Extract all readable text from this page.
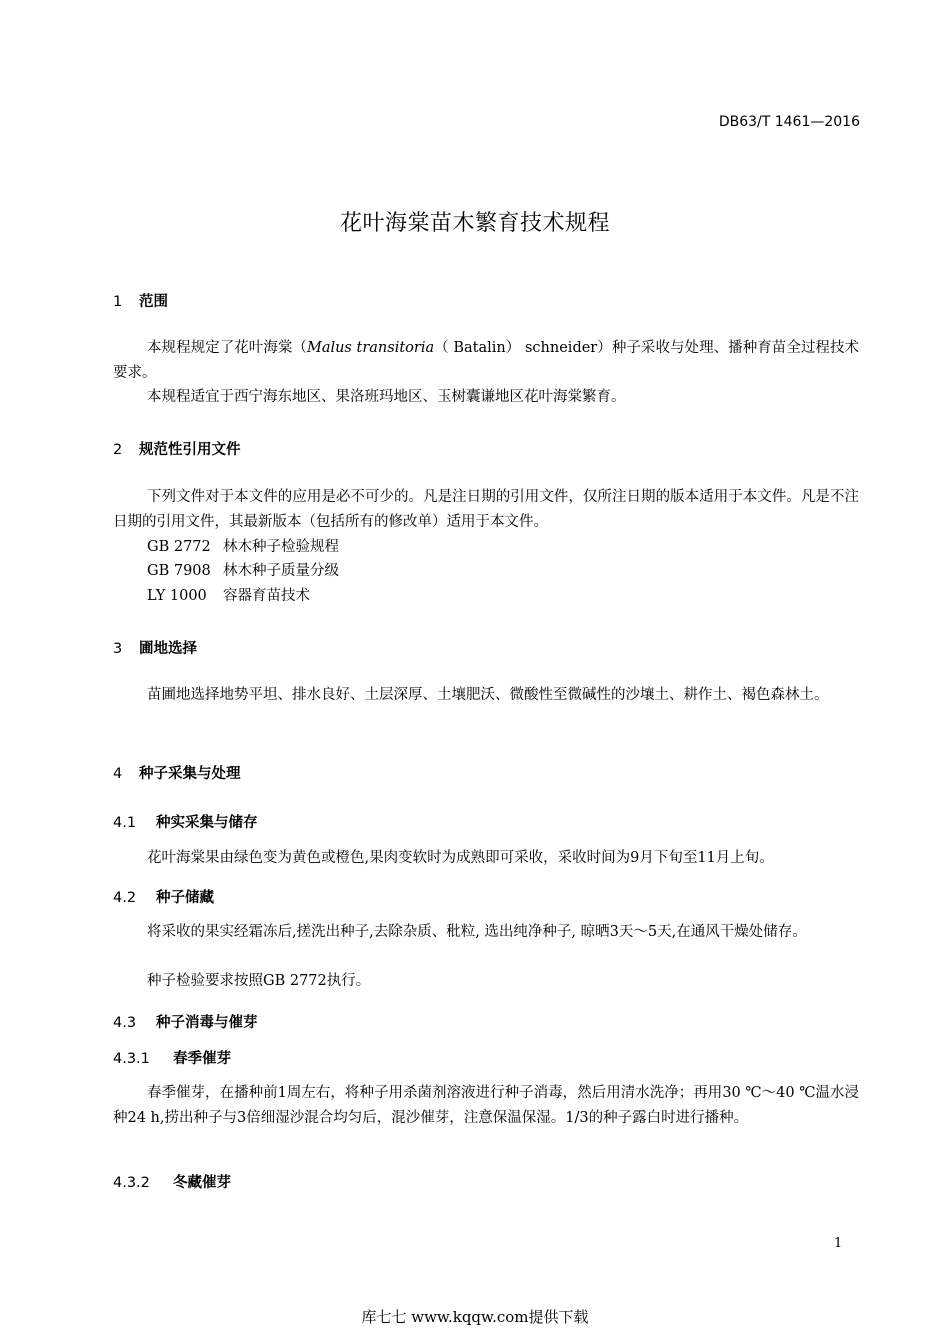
DB63/T 1461—2016
花叶海棠苗木繁育技术规程
1 范围
本规程规定了花叶海棠（Malus transitoria（ Batalin） schneider）种子采收与处理、播种育苗全过程技术要求。
本规程适宜于西宁海东地区、果洛班玛地区、玉树囊谦地区花叶海棠繁育。
2 规范性引用文件
下列文件对于本文件的应用是必不可少的。凡是注日期的引用文件，仅所注日期的版本适用于本文件。凡是不注日期的引用文件，其最新版本（包括所有的修改单）适用于本文件。
GB 2772 林木种子检验规程
GB 7908 林木种子质量分级
LY 1000 容器育苗技术
3 圃地选择
苗圃地选择地势平坦、排水良好、土层深厚、土壤肥沃、微酸性至微碱性的沙壤土、耕作土、褐色森林土。
4 种子采集与处理
4.1 种实采集与储存
花叶海棠果由绿色变为黄色或橙色,果肉变软时为成熟即可采收，采收时间为9月下旬至11月上旬。
4.2 种子储藏
将采收的果实经霜冻后,搓洗出种子,去除杂质、秕粒, 选出纯净种子, 晾晒3天～5天,在通风干燥处储存。
种子检验要求按照GB 2772执行。
4.3 种子消毒与催芽
4.3.1 春季催芽
春季催芽，在播种前1周左右，将种子用杀菌剂溶液进行种子消毒，然后用清水洗净；再用30 ℃～40 ℃温水浸种24 h,捞出种子与3倍细湿沙混合均匀后，混沙催芽，注意保温保湿。1/3的种子露白时进行播种。
4.3.2 冬藏催芽
1
库七七 www.kqqw.com提供下载
